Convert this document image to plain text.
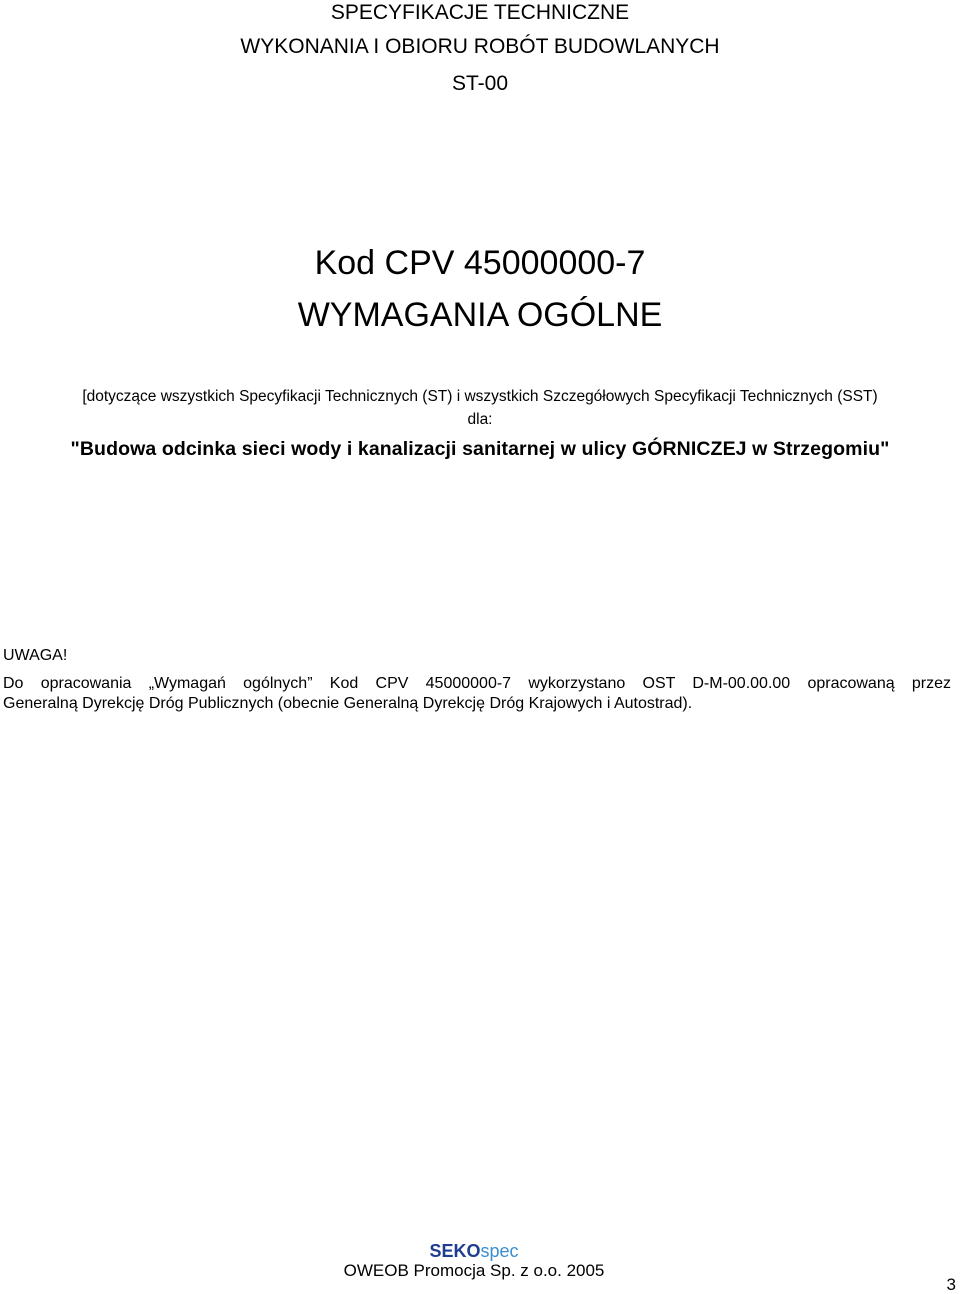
SPECYFIKACJE TECHNICZNE
WYKONANIA I OBIORU ROBÓT BUDOWLANYCH
ST-00
Kod CPV 45000000-7
WYMAGANIA OGÓLNE
[dotyczące wszystkich Specyfikacji Technicznych (ST) i wszystkich Szczegółowych Specyfikacji Technicznych (SST)
dla:
"Budowa odcinka sieci wody i kanalizacji sanitarnej w ulicy GÓRNICZEJ w Strzegomiu"
UWAGA!
Do opracowania „Wymagań ogólnych” Kod CPV 45000000-7 wykorzystano OST D-M-00.00.00 opracowaną przez
Generalną Dyrekcję Dróg Publicznych (obecnie Generalną Dyrekcję Dróg Krajowych i Autostrad).
SEKOspec
OWEOB Promocja Sp. z o.o. 2005
3
